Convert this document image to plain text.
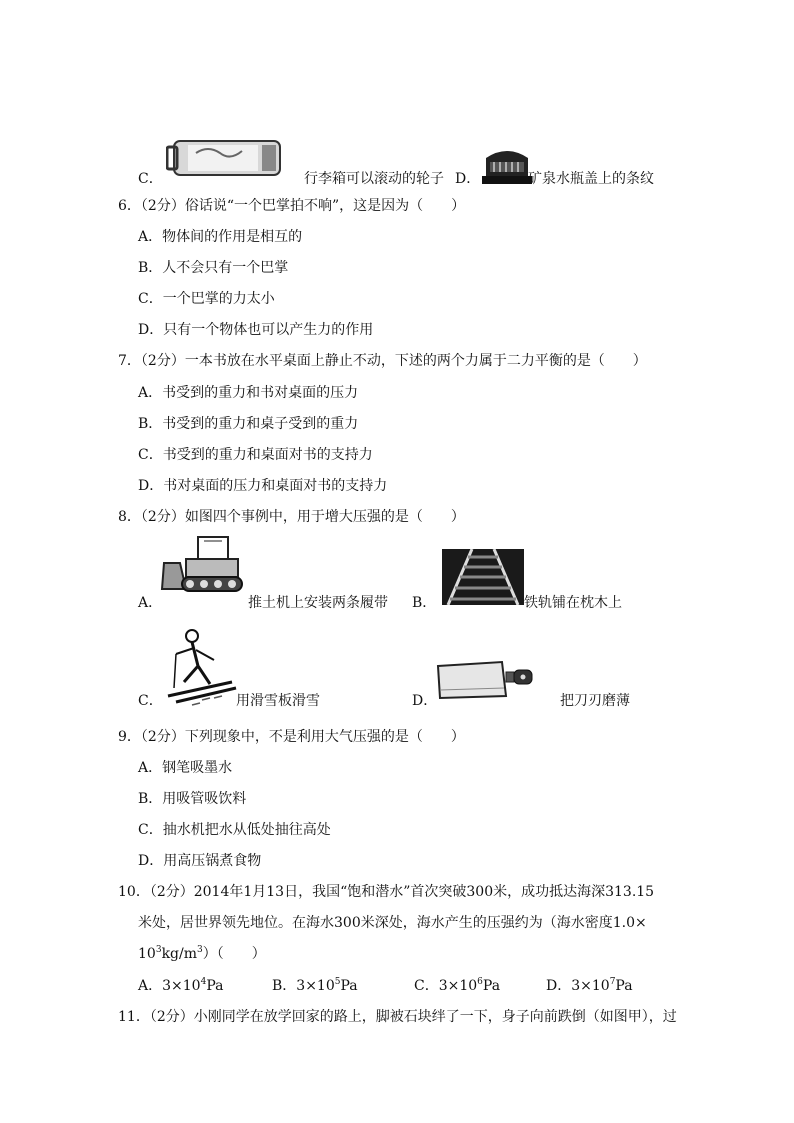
C．	行李箱可以滚动的轮子 D．	矿泉水瓶盖上的条纹
6．（2分）俗话说“一个巴掌拍不响”，这是因为（　　）
A．物体间的作用是相互的
B．人不会只有一个巴掌
C．一个巴掌的力太小
D．只有一个物体也可以产生力的作用
7．（2分）一本书放在水平桌面上静止不动，下述的两个力属于二力平衡的是（　　）
A．书受到的重力和书对桌面的压力
B．书受到的重力和桌子受到的重力
C．书受到的重力和桌面对书的支持力
D．书对桌面的压力和桌面对书的支持力
8．（2分）如图四个事例中，用于增大压强的是（　　）
A．	推土机上安装两条履带 B．	铁轨铺在枕木上
C．	用滑雪板滑雪	D．	把刀刃磨薄
9．（2分）下列现象中，不是利用大气压强的是（　　）
A．钢笔吸墨水
B．用吸管吸饮料
C．抽水机把水从低处抽往高处
D．用高压锅煮食物
10．（2分）2014年1月13日，我国“饱和潜水”首次突破300米，成功抵达海深313.15
米处，居世界领先地位。在海水300米深处，海水产生的压强约为（海水密度1.0×
$10^3kg/m^3$）（　　）
A．$3\times 10^4Pa$	B．$3\times 10^5Pa$	C．$3\times 10^6Pa$	D．$3\times 10^7Pa$
11．（2分）小刚同学在放学回家的路上，脚被石块绊了一下，身子向前跌倒（如图甲），过
